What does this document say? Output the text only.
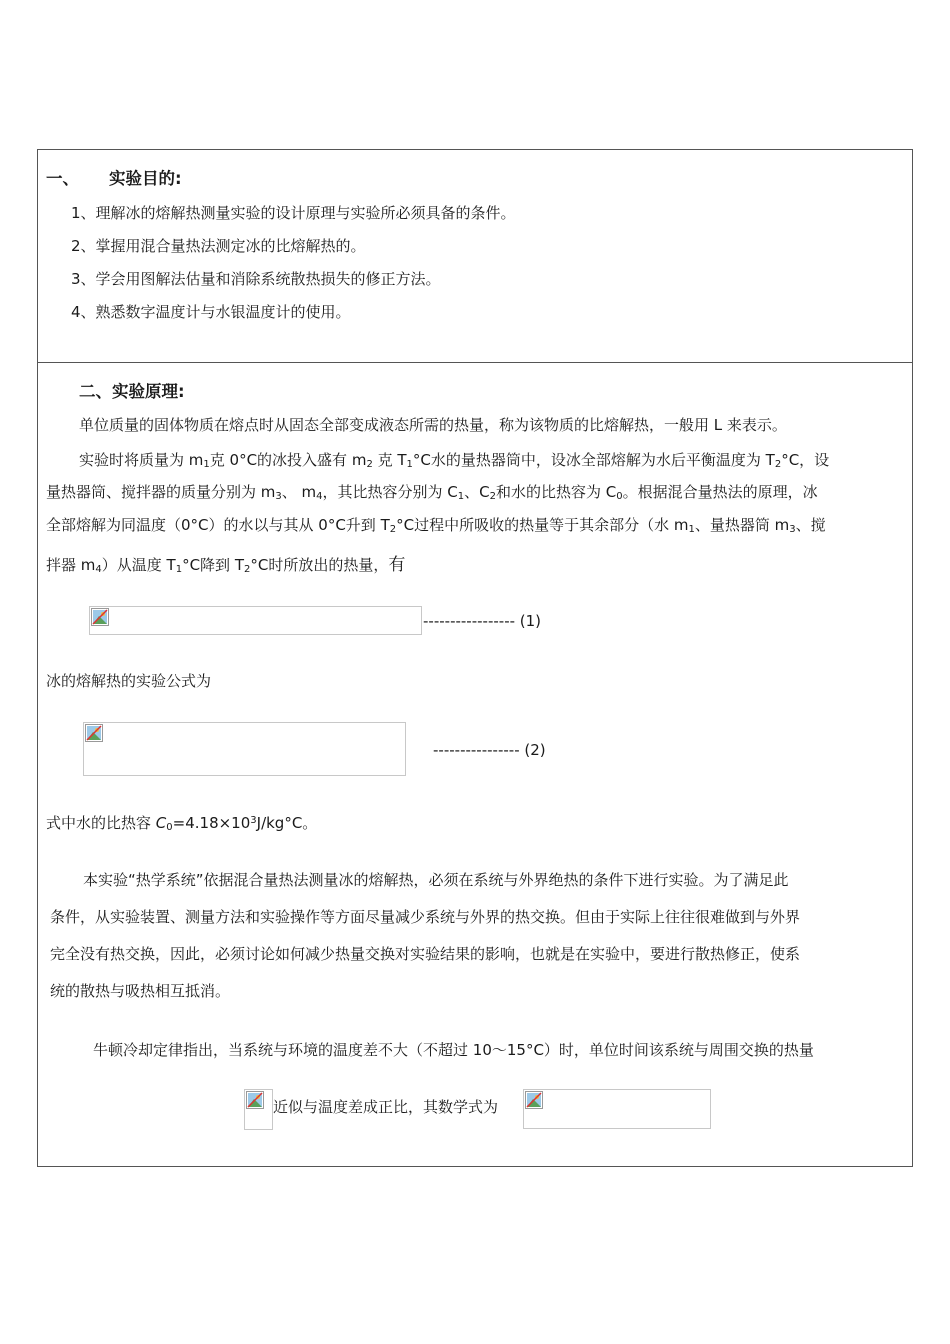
一、 实验目的:
1、理解冰的熔解热测量实验的设计原理与实验所必须具备的条件。
2、掌握用混合量热法测定冰的比熔解热的。
3、学会用图解法估量和消除系统散热损失的修正方法。
4、熟悉数字温度计与水银温度计的使用。
二、实验原理:
单位质量的固体物质在熔点时从固态全部变成液态所需的热量，称为该物质的比熔解热，一般用 L 来表示。
实验时将质量为 $m_1$克 0°C的冰投入盛有 $m_2$ 克 $T_1^\circ C$水的量热器筒中，设冰全部熔解为水后平衡温度为 $T_2^\circ C$，设
量热器筒、搅拌器的质量分别为 $m_3$、 $m_4$，其比热容分别为 $C_1$、$C_2$和水的比热容为 $C_0$。根据混合量热法的原理，冰
全部熔解为同温度（0°C）的水以与其从 0°C升到 $T_2^\circ C$过程中所吸收的热量等于其余部分（水 $m_1$、量热器筒 $m_3$、搅
拌器 $m_4$）从温度 $T_1^\circ C$降到 $T_2^\circ C$时所放出的热量，有
----------------- (1)
冰的熔解热的实验公式为
---------------- (2)
式中水的比热容 $C_0=4.18\times 10^3J/kg^\circ C$。
本实验“热学系统”依据混合量热法测量冰的熔解热，必须在系统与外界绝热的条件下进行实验。为了满足此
条件，从实验装置、测量方法和实验操作等方面尽量减少系统与外界的热交换。但由于实际上往往很难做到与外界
完全没有热交换，因此，必须讨论如何减少热量交换对实验结果的影响，也就是在实验中，要进行散热修正，使系
统的散热与吸热相互抵消。
牛顿冷却定律指出，当系统与环境的温度差不大（不超过 10～15°C）时，单位时间该系统与周围交换的热量
近似与温度差成正比，其数学式为
